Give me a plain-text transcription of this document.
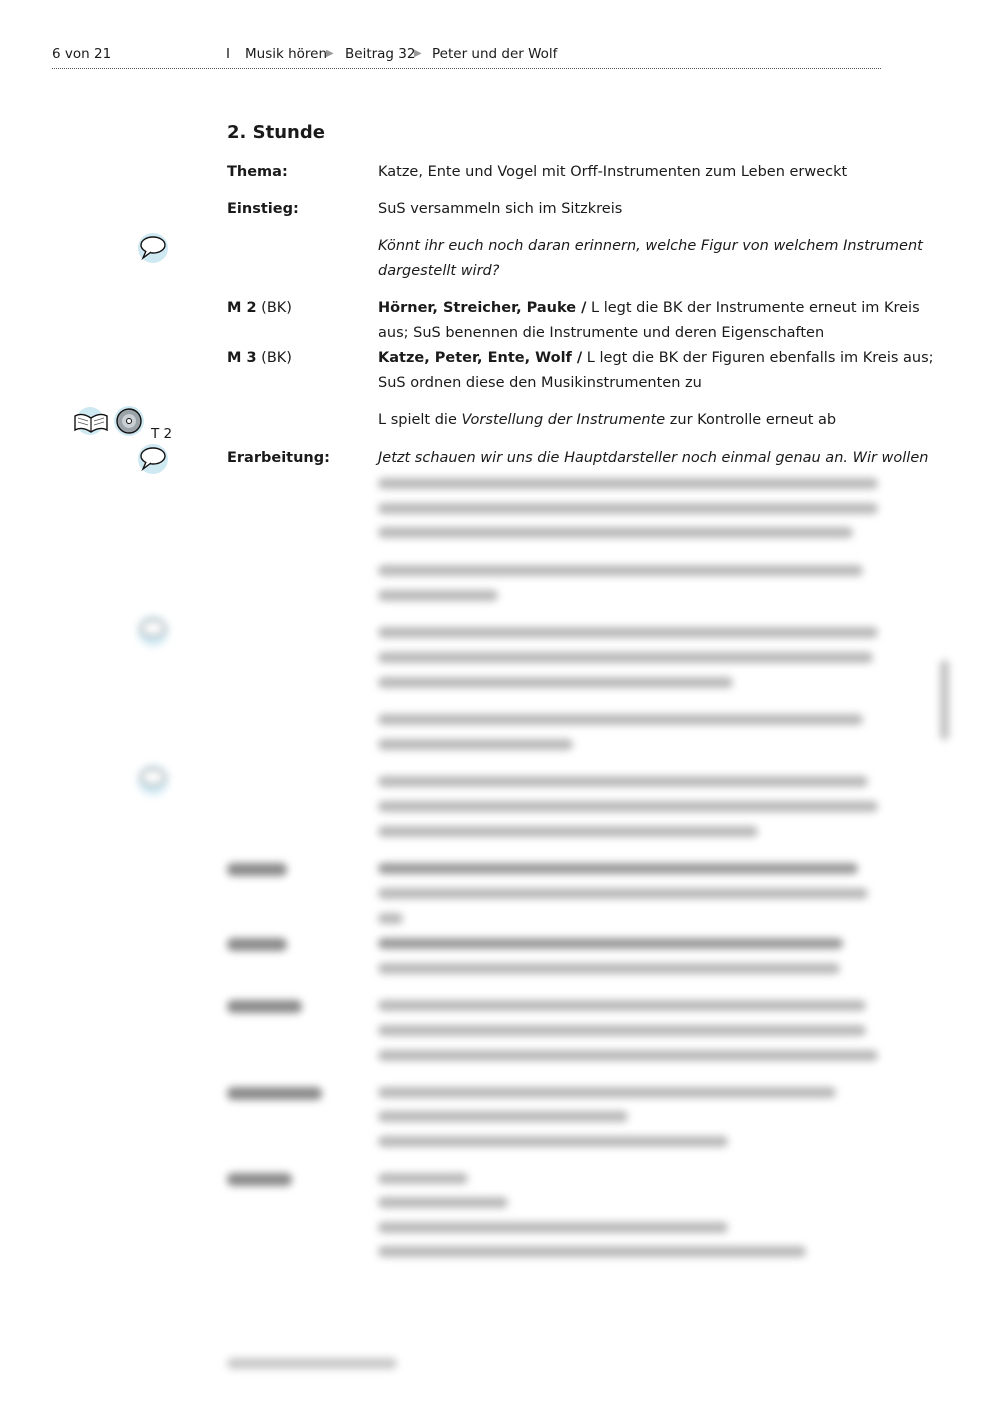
6 von 21	I Musik hören
▶ Beitrag 32
▶ Peter und der Wolf
2. Stunde
Thema:	Katze, Ente und Vogel mit Orff-Instrumenten zum Leben erweckt
Einstieg:	SuS versammeln sich im Sitzkreis
Könnt ihr euch noch daran erinnern, welche Figur von welchem Instrument
dargestellt wird?
M 2 (BK)	Hörner, Streicher, Pauke / L legt die BK der Instrumente erneut im Kreis
aus; SuS benennen die Instrumente und deren Eigenschaften
M 3 (BK)	Katze, Peter, Ente, Wolf / L legt die BK der Figuren ebenfalls im Kreis aus;
SuS ordnen diese den Musikinstrumenten zu
T 2
L spielt die Vorstellung der Instrumente zur Kontrolle erneut ab
Erarbeitung:	Jetzt schauen wir uns die Hauptdarsteller noch einmal genau an. Wir wollen
